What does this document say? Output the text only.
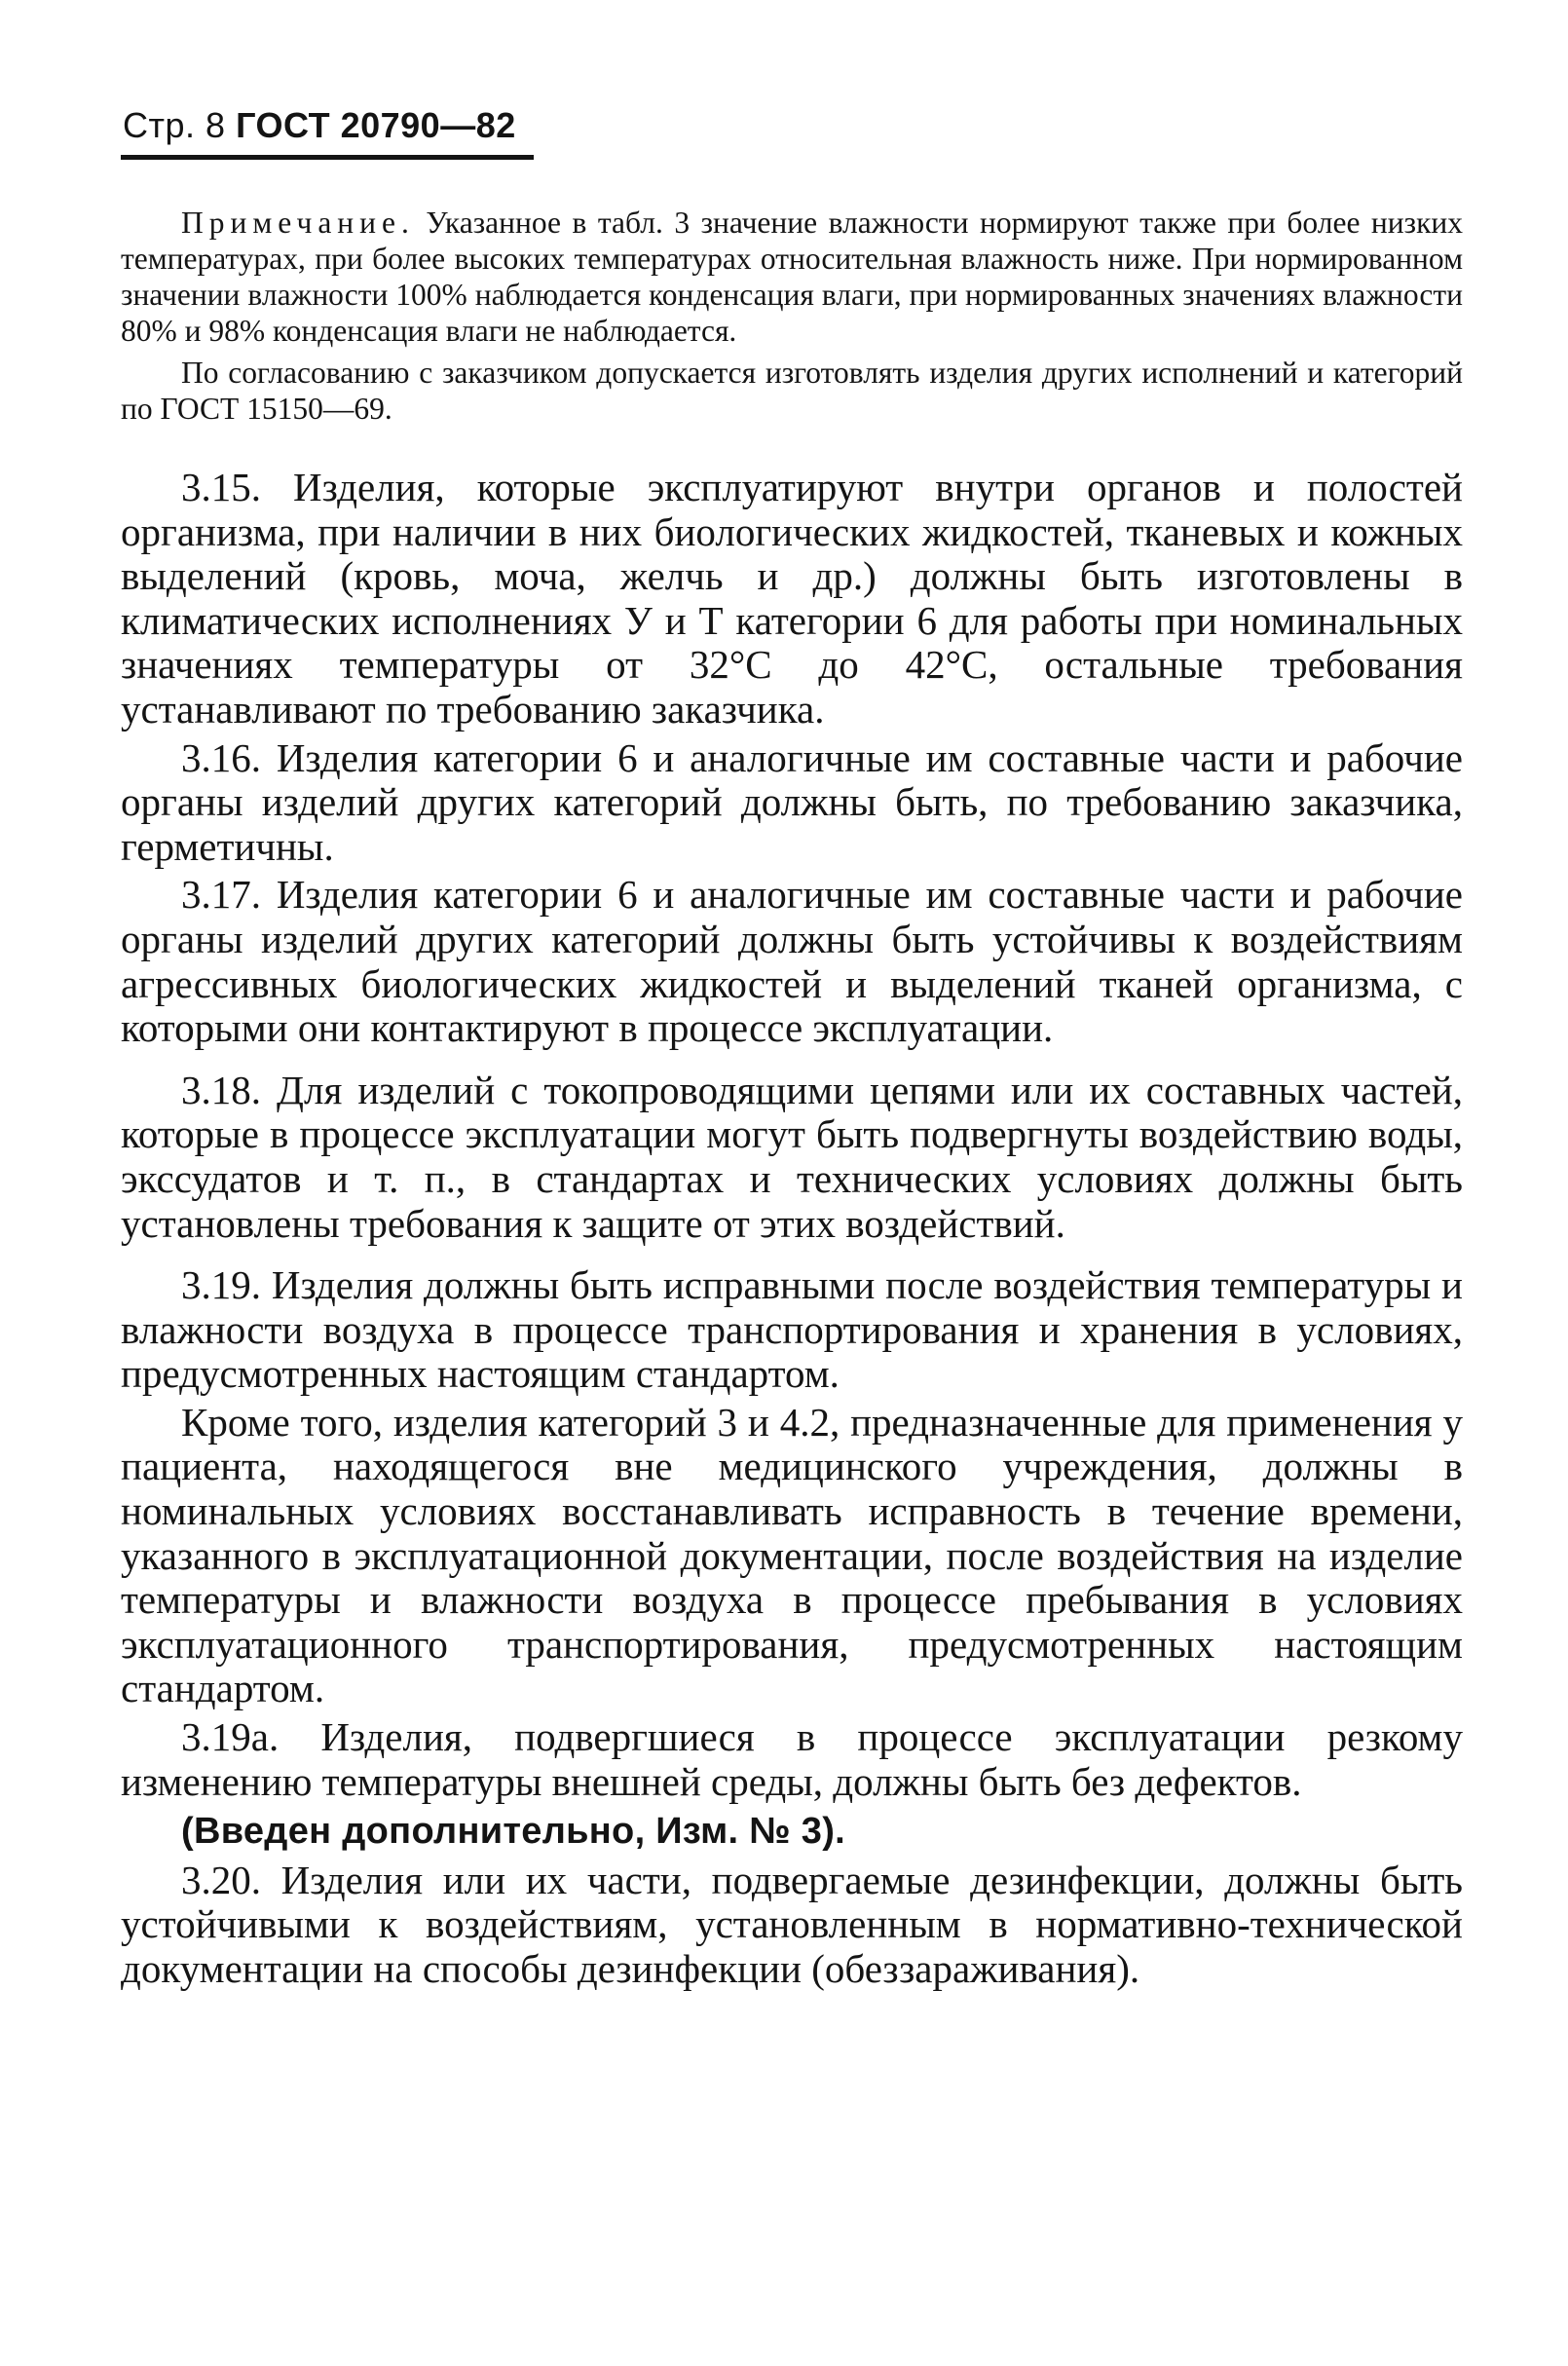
Стр. 8 ГОСТ 20790—82

Примечание. Указанное в табл. 3 значение влажности нормируют также при более низких температурах, при более высоких температурах относительная влажность ниже. При нормированном значении влажности 100% наблюдается конденсация влаги, при нормированных значениях влажности 80% и 98% конденсация влаги не наблюдается.

По согласованию с заказчиком допускается изготовлять изделия других исполнений и категорий по ГОСТ 15150—69.

3.15. Изделия, которые эксплуатируют внутри органов и полостей организма, при наличии в них биологических жидкостей, тканевых и кожных выделений (кровь, моча, желчь и др.) должны быть изготовлены в климатических исполнениях У и Т категории 6 для работы при номинальных значениях температуры от 32°С до 42°С, остальные требования устанавливают по требованию заказчика.

3.16. Изделия категории 6 и аналогичные им составные части и рабочие органы изделий других категорий должны быть, по требованию заказчика, герметичны.

3.17. Изделия категории 6 и аналогичные им составные части и рабочие органы изделий других категорий должны быть устойчивы к воздействиям агрессивных биологических жидкостей и выделений тканей организма, с которыми они контактируют в процессе эксплуатации.

3.18. Для изделий с токопроводящими цепями или их составных частей, которые в процессе эксплуатации могут быть подвергнуты воздействию воды, экссудатов и т. п., в стандартах и технических условиях должны быть установлены требования к защите от этих воздействий.

3.19. Изделия должны быть исправными после воздействия температуры и влажности воздуха в процессе транспортирования и хранения в условиях, предусмотренных настоящим стандартом.

Кроме того, изделия категорий 3 и 4.2, предназначенные для применения у пациента, находящегося вне медицинского учреждения, должны в номинальных условиях восстанавливать исправность в течение времени, указанного в эксплуатационной документации, после воздействия на изделие температуры и влажности воздуха в процессе пребывания в условиях эксплуатационного транспортирования, предусмотренных настоящим стандартом.

3.19а. Изделия, подвергшиеся в процессе эксплуатации резкому изменению температуры внешней среды, должны быть без дефектов.

(Введен дополнительно, Изм. № 3).

3.20. Изделия или их части, подвергаемые дезинфекции, должны быть устойчивыми к воздействиям, установленным в нормативно-технической документации на способы дезинфекции (обеззараживания).
